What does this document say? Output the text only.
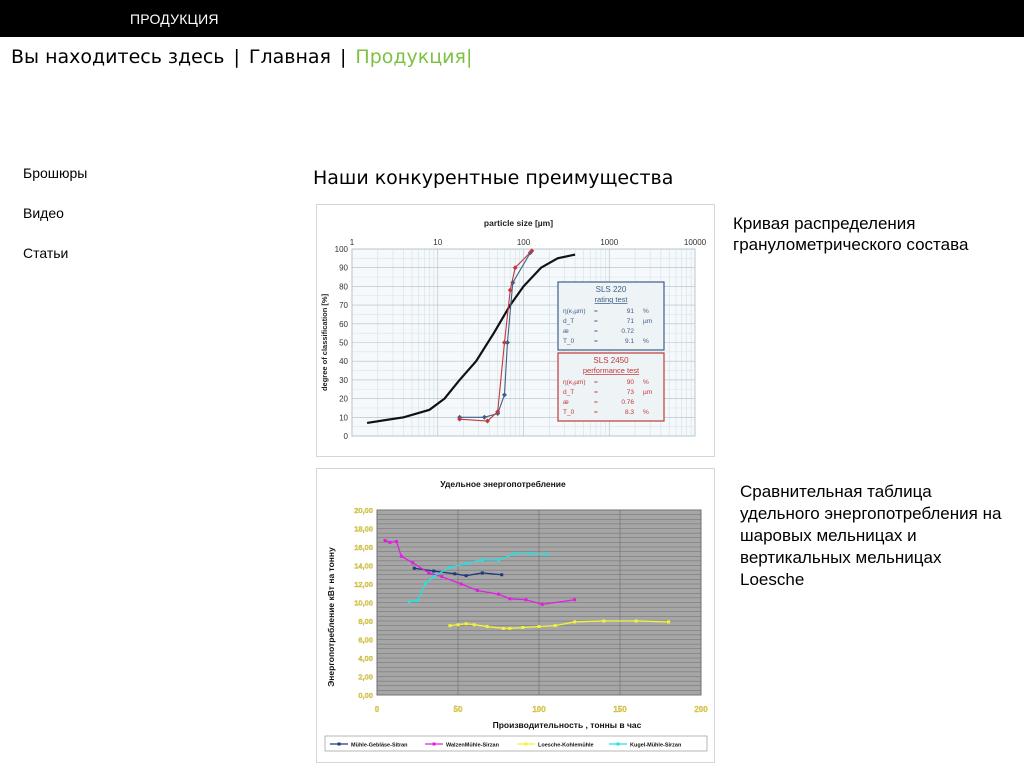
ПРОДУКЦИЯ
Вы находитесь здесь | Главная | Продукция|
Брошюры
Видео
Статьи
Наши конкурентные преимущества
1	10	100	1000	10000
particle size [µm]
0
10
20
30
40
50
60
70
80
90
100
degree of classification [%]
SLS 220
rating test
η(κ₁µm) =	91 %
d_T	=	71 µm
æ	=	0.72
T_0	=	9.1 %
SLS 2450
performance test
η(κ₁µm) =	90 %
d_T	=	73 µm
æ	=	0.76
T_0	=	8.3 %
Удельное энергопотребление
0,00
2,00
4,00
6,00
8,00
10,00
12,00
14,00
16,00
18,00
20,00
0	50	100	150	200
Производительность , тонны в час
Энергопотребление кВт на тонну
Mühle-Gebläse-Sitran	WalzenMühle-Sirzan	Loesche-Kohlemühle	Kugel-Mühle-Sirzan
Кривая распределения гранулометрического состава
Сравнительная таблица удельного энергопотребления на шаровых мельницах и вертикальных мельницах Loesche
